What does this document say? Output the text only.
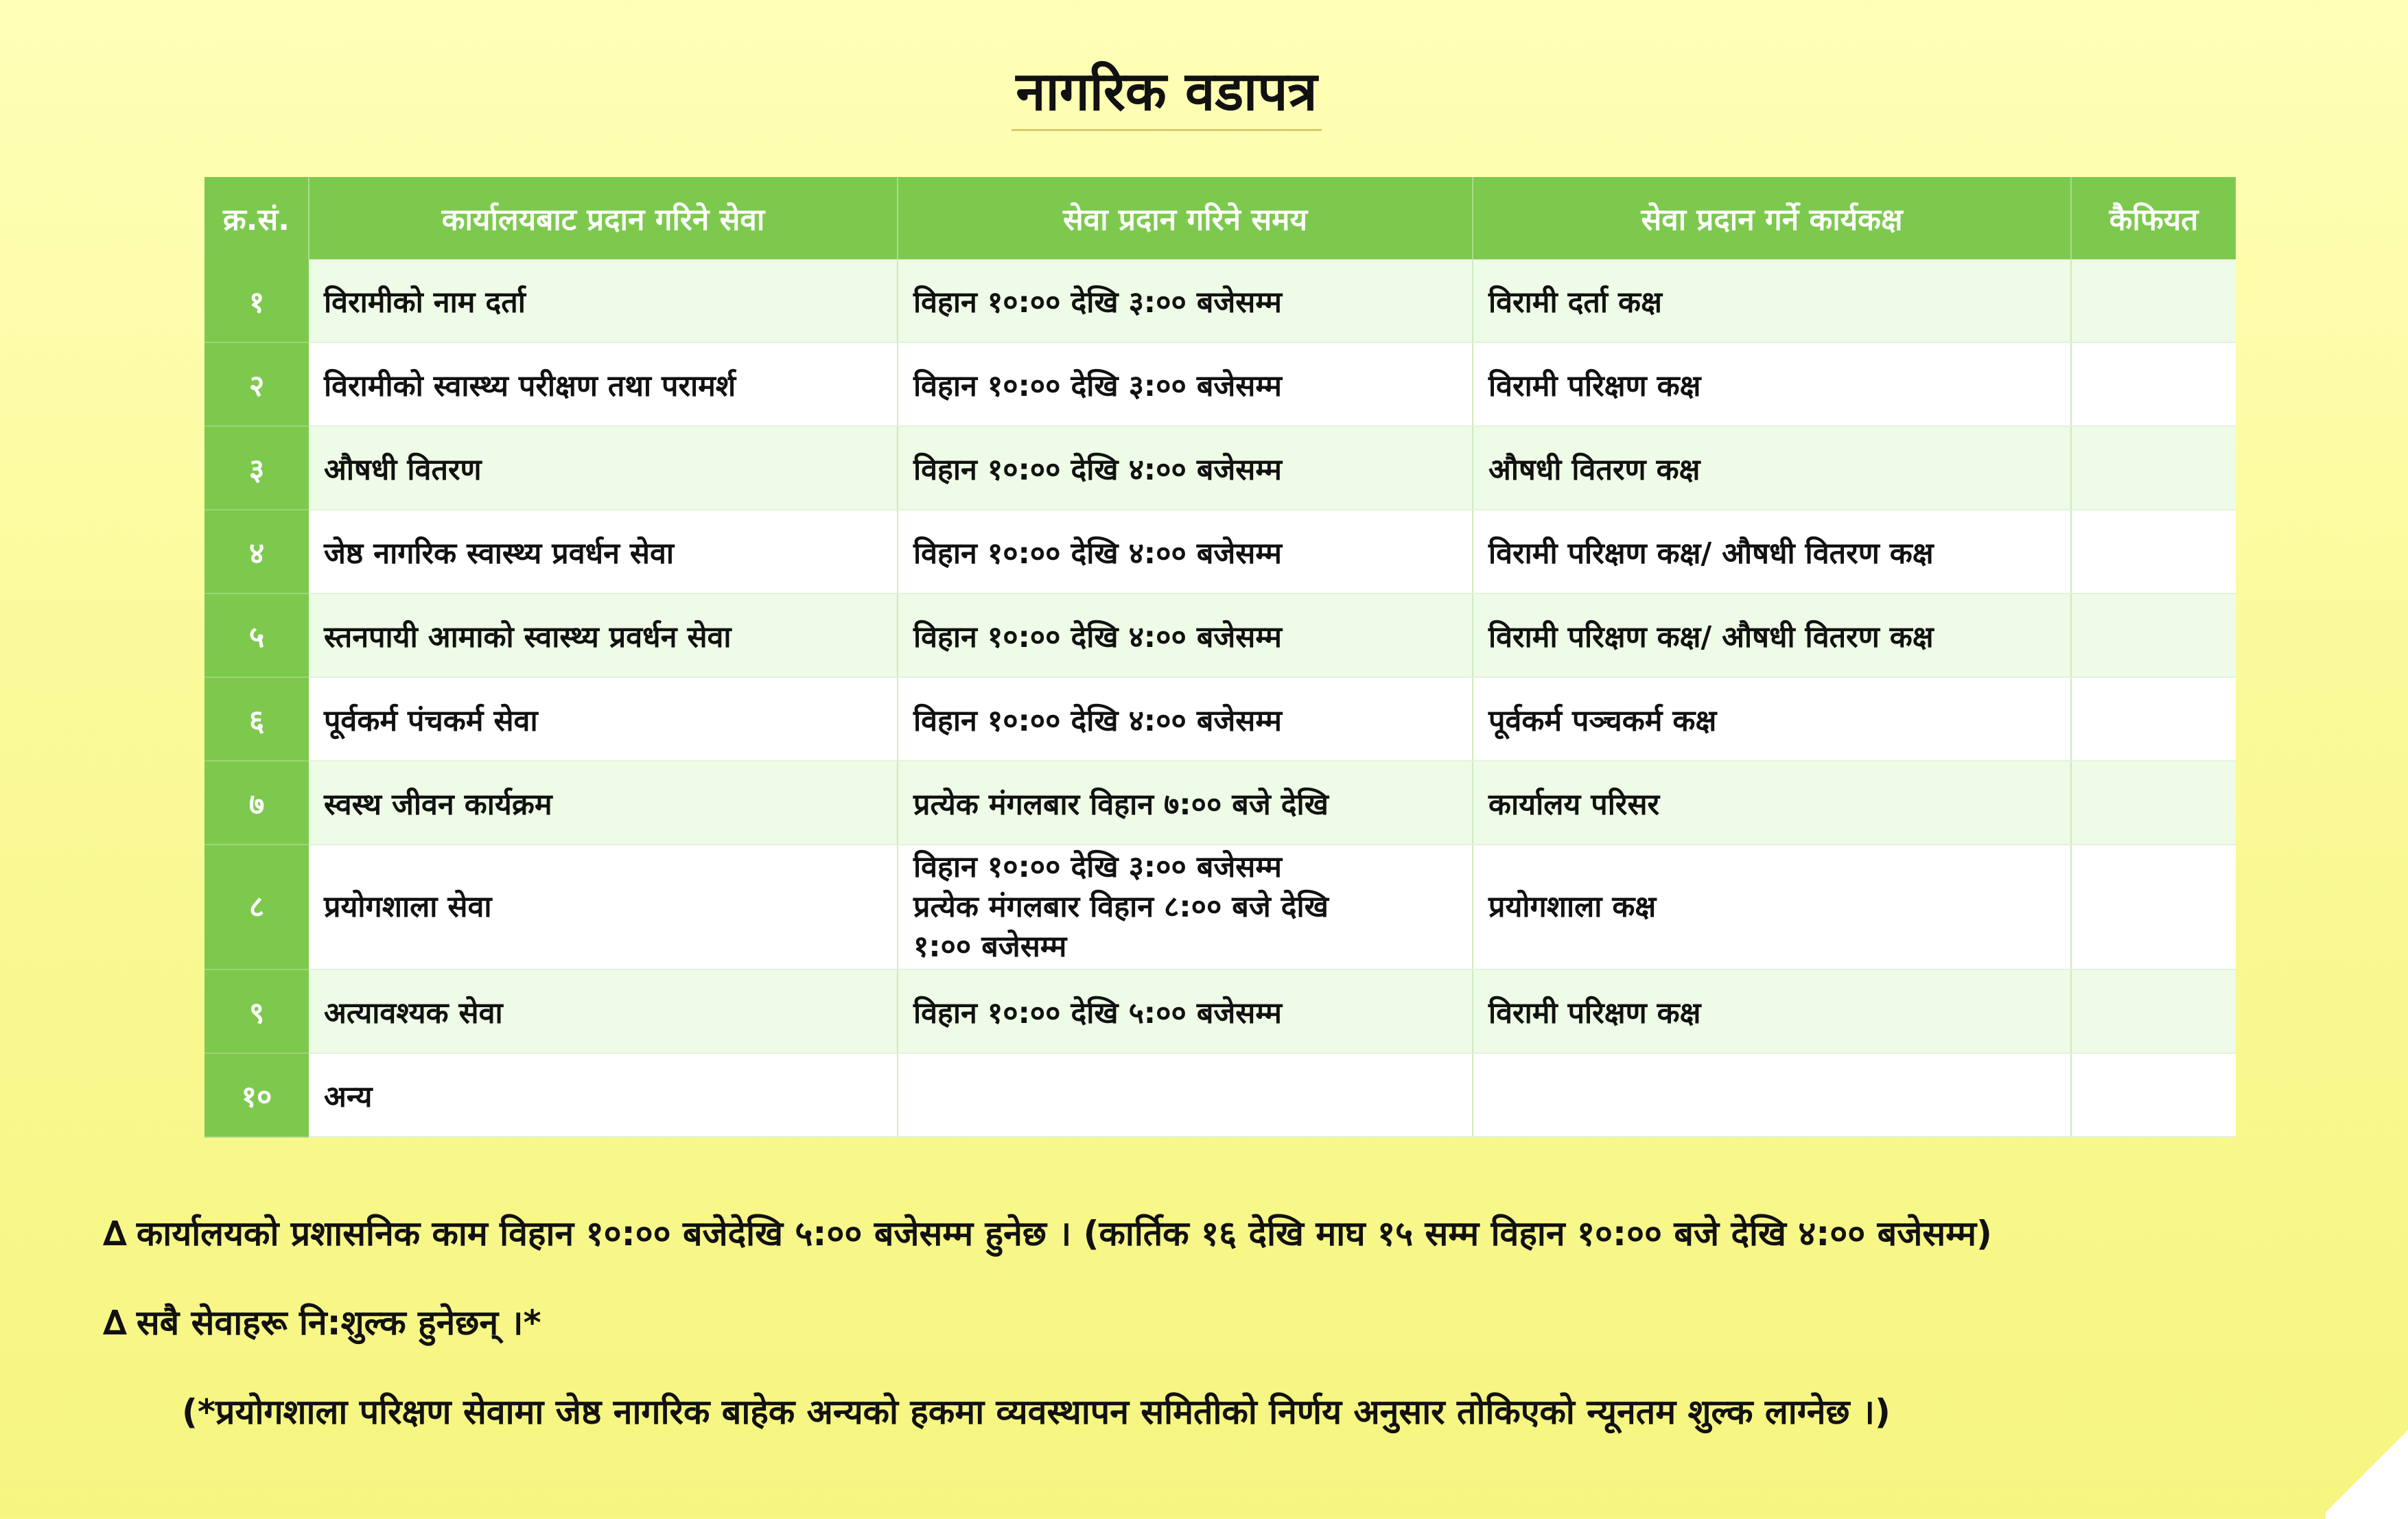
नागरिक वडापत्र
क्र.सं.	कार्यालयबाट प्रदान गरिने सेवा	सेवा प्रदान गरिने समय	सेवा प्रदान गर्ने कार्यकक्ष	कैफियत
१	विरामीको नाम दर्ता	विहान १०:०० देखि ३:०० बजेसम्म	विरामी दर्ता कक्ष	
२	विरामीको स्वास्थ्य परीक्षण तथा परामर्श	विहान १०:०० देखि ३:०० बजेसम्म	विरामी परिक्षण कक्ष	
३	औषधी वितरण	विहान १०:०० देखि ४:०० बजेसम्म	औषधी वितरण कक्ष	
४	जेष्ठ नागरिक स्वास्थ्य प्रवर्धन सेवा	विहान १०:०० देखि ४:०० बजेसम्म	विरामी परिक्षण कक्ष/ औषधी वितरण कक्ष	
५	स्तनपायी आमाको स्वास्थ्य प्रवर्धन सेवा	विहान १०:०० देखि ४:०० बजेसम्म	विरामी परिक्षण कक्ष/ औषधी वितरण कक्ष	
६	पूर्वकर्म पंचकर्म सेवा	विहान १०:०० देखि ४:०० बजेसम्म	पूर्वकर्म पञ्चकर्म कक्ष	
७	स्वस्थ जीवन कार्यक्रम	प्रत्येक मंगलबार विहान ७:०० बजे देखि	कार्यालय परिसर	
८	प्रयोगशाला सेवा	विहान १०:०० देखि ३:०० बजेसम्म
प्रत्येक मंगलबार विहान ८:०० बजे देखि
१:०० बजेसम्म	प्रयोगशाला कक्ष	
९	अत्यावश्यक सेवा	विहान १०:०० देखि ५:०० बजेसम्म	विरामी परिक्षण कक्ष	
१०	अन्य			
∆ कार्यालयको प्रशासनिक काम विहान १०:०० बजेदेखि ५:०० बजेसम्म हुनेछ । (कार्तिक १६ देखि माघ १५ सम्म विहान १०:०० बजे देखि ४:०० बजेसम्म)
∆ सबै सेवाहरू नि:शुल्क हुनेछन् ।*
(*प्रयोगशाला परिक्षण सेवामा जेष्ठ नागरिक बाहेक अन्यको हकमा व्यवस्थापन समितीको निर्णय अनुसार तोकिएको न्यूनतम शुल्क लाग्नेछ ।)
